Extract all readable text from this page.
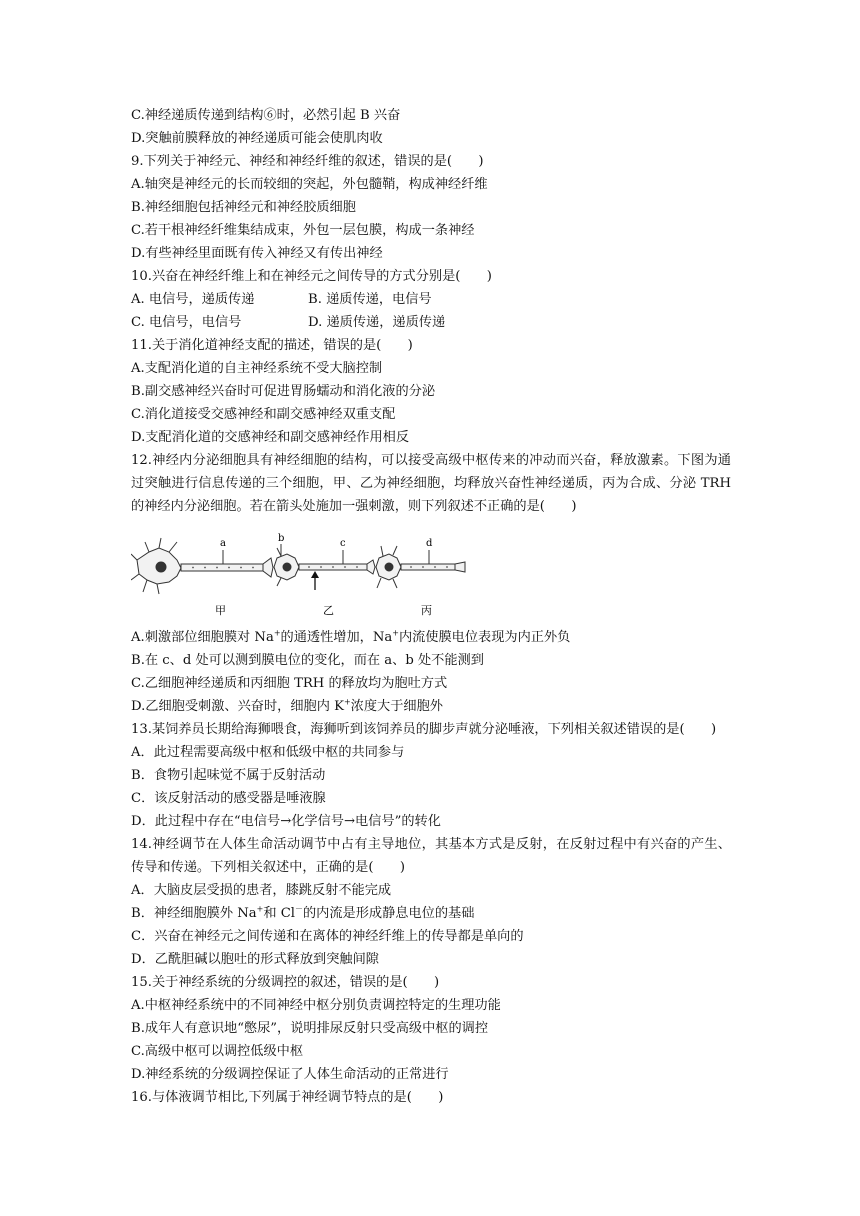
C.神经递质传递到结构⑥时，必然引起 B 兴奋
D.突触前膜释放的神经递质可能会使肌肉收
9.下列关于神经元、神经和神经纤维的叙述，错误的是(　　)
A.轴突是神经元的长而较细的突起，外包髓鞘，构成神经纤维
B.神经细胞包括神经元和神经胶质细胞
C.若干根神经纤维集结成束，外包一层包膜，构成一条神经
D.有些神经里面既有传入神经又有传出神经
10.兴奋在神经纤维上和在神经元之间传导的方式分别是(　　)
A. 电信号，递质传递	B. 递质传递，电信号
C. 电信号，电信号	D. 递质传递，递质传递
11.关于消化道神经支配的描述，错误的是(　　)
A.支配消化道的自主神经系统不受大脑控制
B.副交感神经兴奋时可促进胃肠蠕动和消化液的分泌
C.消化道接受交感神经和副交感神经双重支配
D.支配消化道的交感神经和副交感神经作用相反
12.神经内分泌细胞具有神经细胞的结构，可以接受高级中枢传来的冲动而兴奋，释放激素。下图为通过突触进行信息传递的三个细胞，甲、乙为神经细胞，均释放兴奋性神经递质，丙为合成、分泌 TRH 的神经内分泌细胞。若在箭头处施加一强刺激，则下列叙述不正确的是(　　)
a	b	c	d
甲	乙	丙
A.刺激部位细胞膜对 Na+的通透性增加，Na+内流使膜电位表现为内正外负
B.在 c、d 处可以测到膜电位的变化，而在 a、b 处不能测到
C.乙细胞神经递质和丙细胞 TRH 的释放均为胞吐方式
D.乙细胞受刺激、兴奋时，细胞内 K+浓度大于细胞外
13.某饲养员长期给海狮喂食，海狮听到该饲养员的脚步声就分泌唾液，下列相关叙述错误的是(　　)
A．此过程需要高级中枢和低级中枢的共同参与
B．食物引起味觉不属于反射活动
C．该反射活动的感受器是唾液腺
D．此过程中存在“电信号→化学信号→电信号”的转化
14.神经调节在人体生命活动调节中占有主导地位，其基本方式是反射，在反射过程中有兴奋的产生、传导和传递。下列相关叙述中，正确的是(　　)
A．大脑皮层受损的患者，膝跳反射不能完成
B．神经细胞膜外 Na+和 Cl－的内流是形成静息电位的基础
C．兴奋在神经元之间传递和在离体的神经纤维上的传导都是单向的
D．乙酰胆碱以胞吐的形式释放到突触间隙
15.关于神经系统的分级调控的叙述，错误的是(　　)
A.中枢神经系统中的不同神经中枢分别负责调控特定的生理功能
B.成年人有意识地“憋尿”，说明排尿反射只受高级中枢的调控
C.高级中枢可以调控低级中枢
D.神经系统的分级调控保证了人体生命活动的正常进行
16.与体液调节相比,下列属于神经调节特点的是(　　)
